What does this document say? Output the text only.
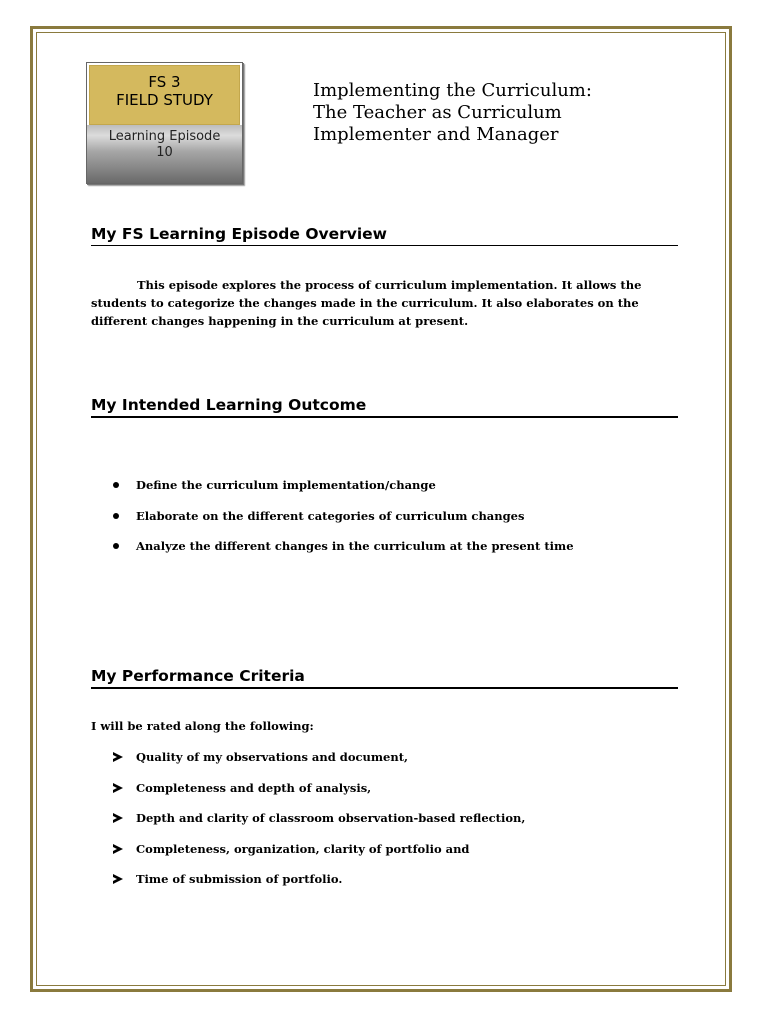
FS 3
FIELD STUDY
Learning Episode
10
Implementing the Curriculum:
The Teacher as Curriculum
Implementer and Manager
My FS Learning Episode Overview
This episode explores the process of curriculum implementation. It allows the students to categorize the changes made in the curriculum. It also elaborates on the different changes happening in the curriculum at present.
My Intended Learning Outcome
Define the curriculum implementation/change
Elaborate on the different categories of curriculum changes
Analyze the different changes in the curriculum at the present time
My Performance Criteria
I will be rated along the following:
Quality of my observations and document,
Completeness and depth of analysis,
Depth and clarity of classroom observation-based reflection,
Completeness, organization, clarity of portfolio and
Time of submission of portfolio.
